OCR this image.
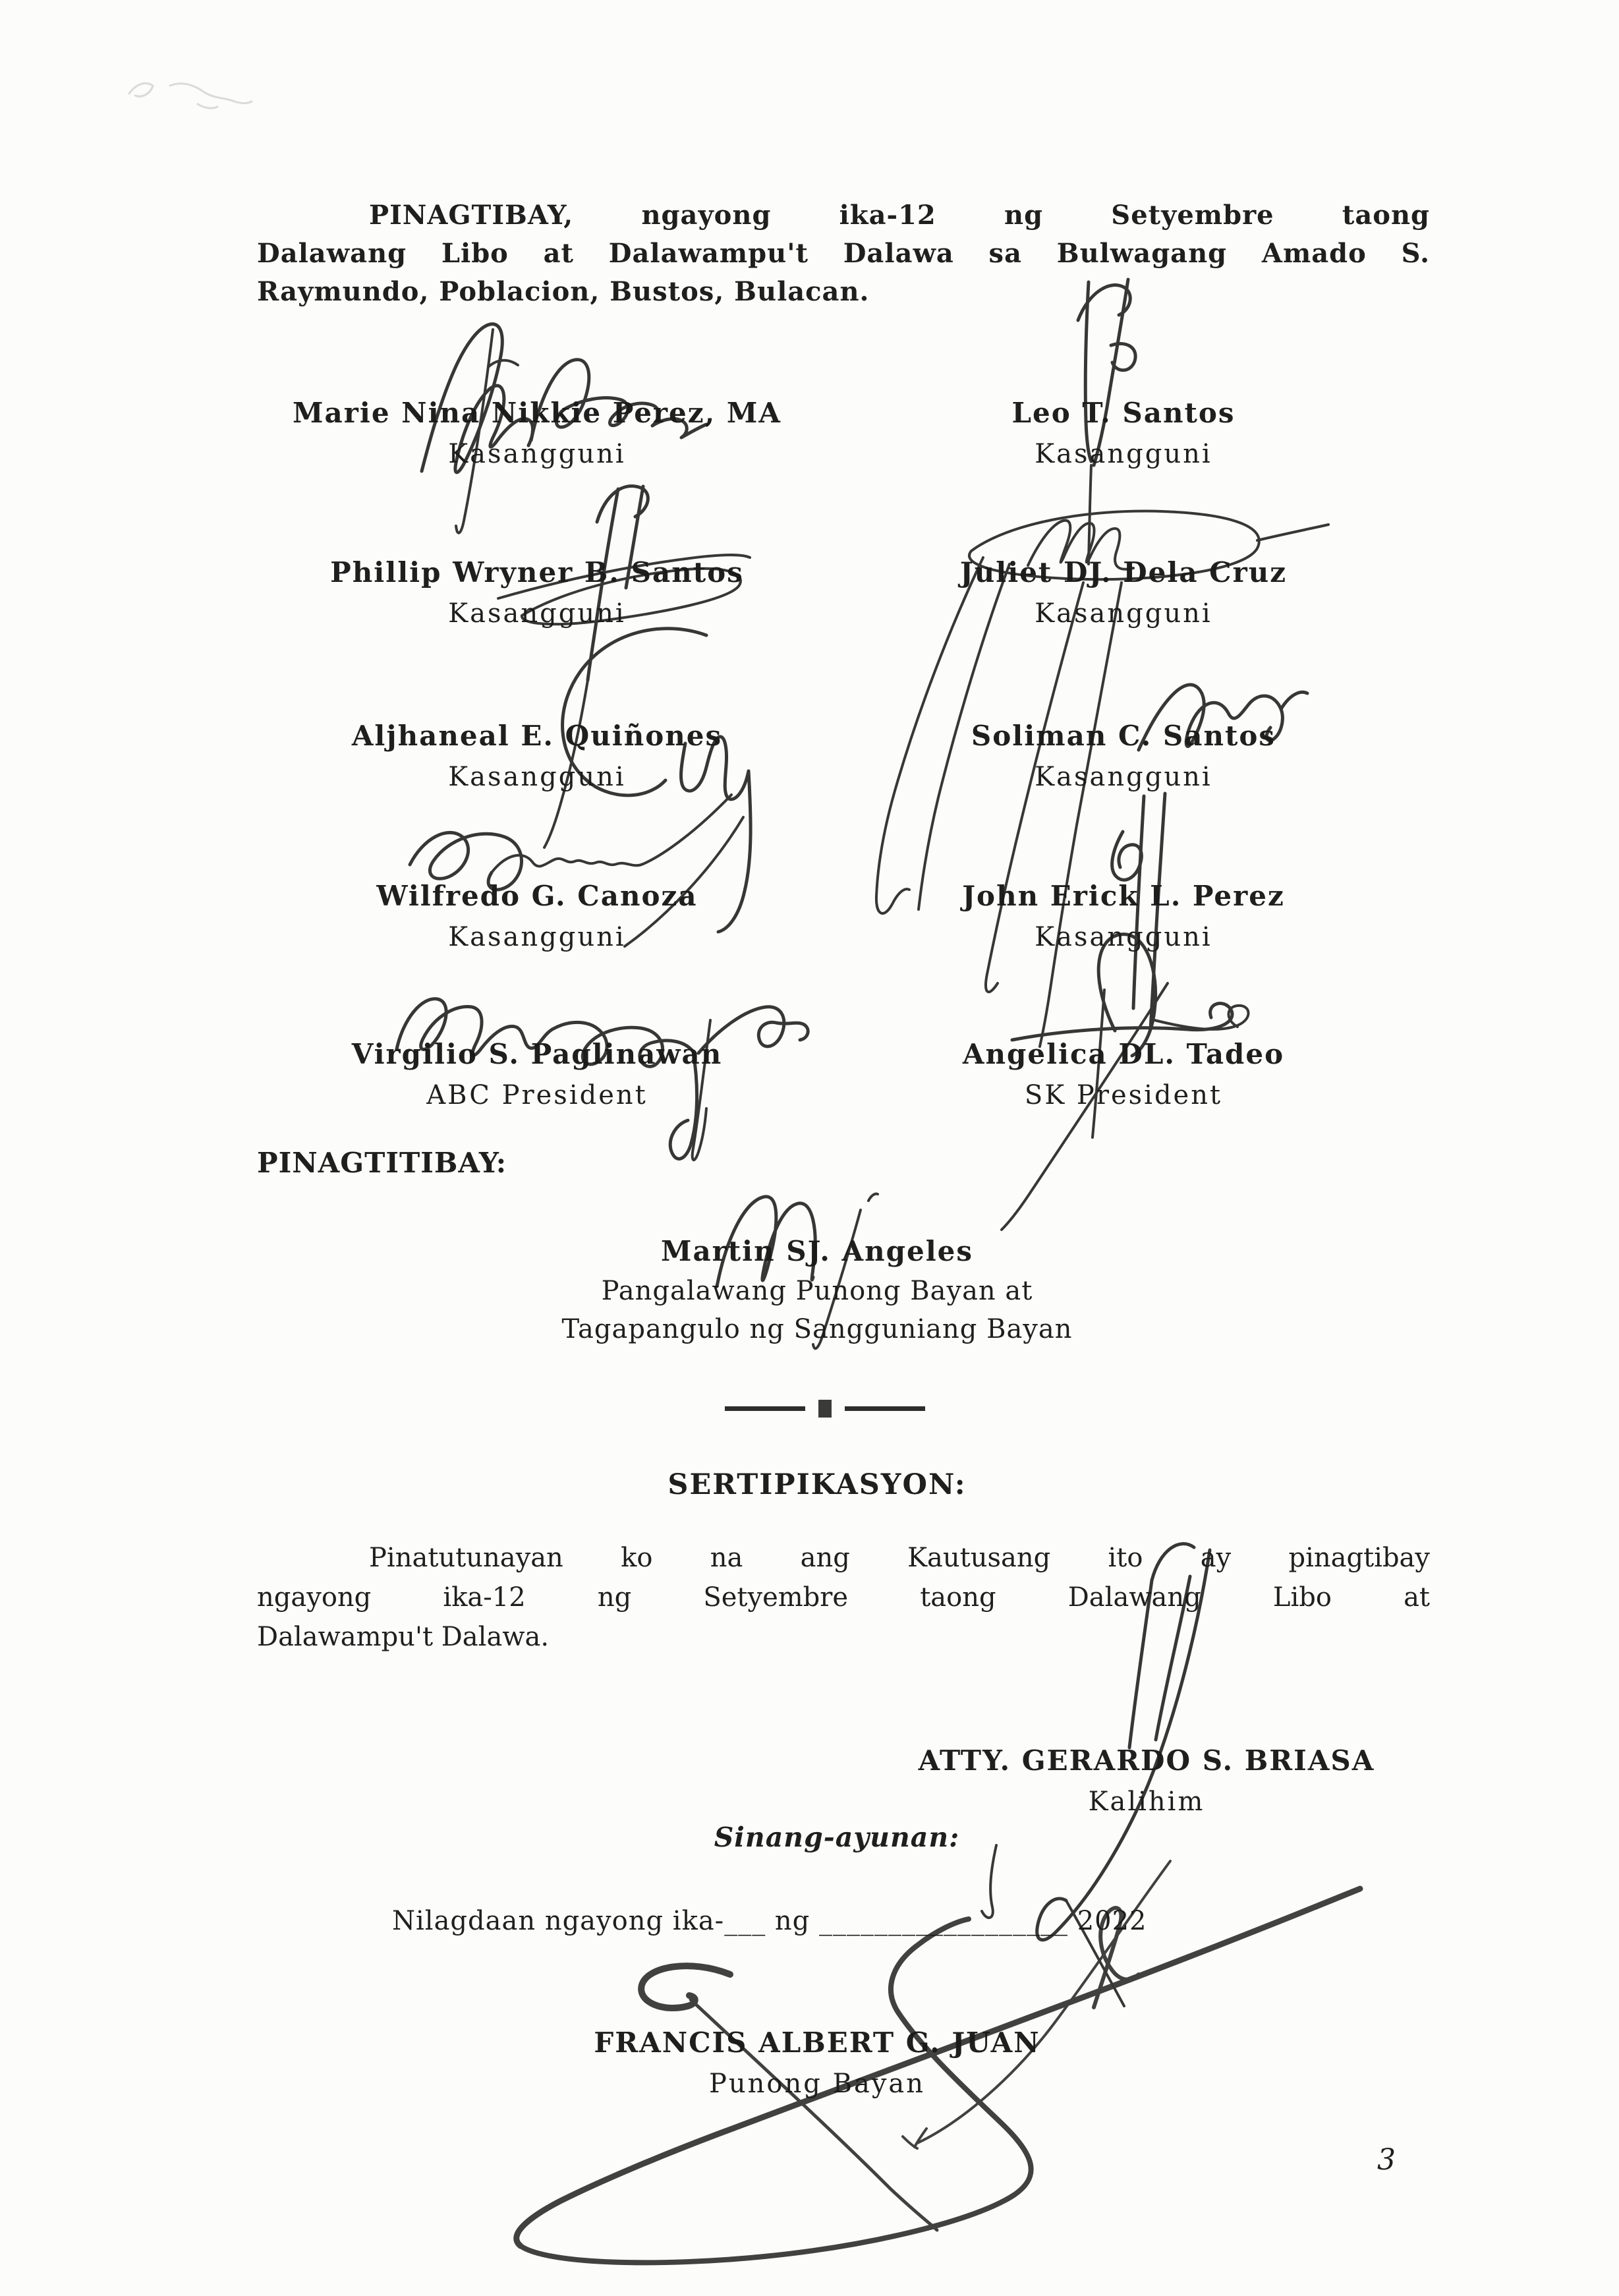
PINAGTIBAY,	ngayong ika-12 ng Setyembre taong
Dalawang Libo at Dalawampu't Dalawa sa Bulwagang Amado S.
Raymundo, Poblacion, Bustos, Bulacan.
Marie Nina Nikkie Perez, MA
Kasangguni
Leo T. Santos
Kasangguni
Phillip Wryner B. Santos
Kasangguni
Juliet DJ. Dela Cruz
Kasangguni
Aljhaneal E. Quiñones
Kasangguni
Soliman C. Santos
Kasangguni
Wilfredo G. Canoza
Kasangguni
John Erick L. Perez
Kasangguni
Virgilio S. Paglinawan
ABC President
Angelica DL. Tadeo
SK President
PINAGTITIBAY:
Martin SJ. Angeles
Pangalawang Punong Bayan at
Tagapangulo ng Sangguniang Bayan
SERTIPIKASYON:
Pinatutunayan ko na ang Kautusang ito ay pinagtibay
ngayong ika-12 ng Setyembre taong Dalawang Libo at
Dalawampu't Dalawa.
ATTY. GERARDO S. BRIASA
Kalihim
Sinang-ayunan:
Nilagdaan ngayong ika-___ ng __________________ 2022
FRANCIS ALBERT G. JUAN
Punong Bayan
3
